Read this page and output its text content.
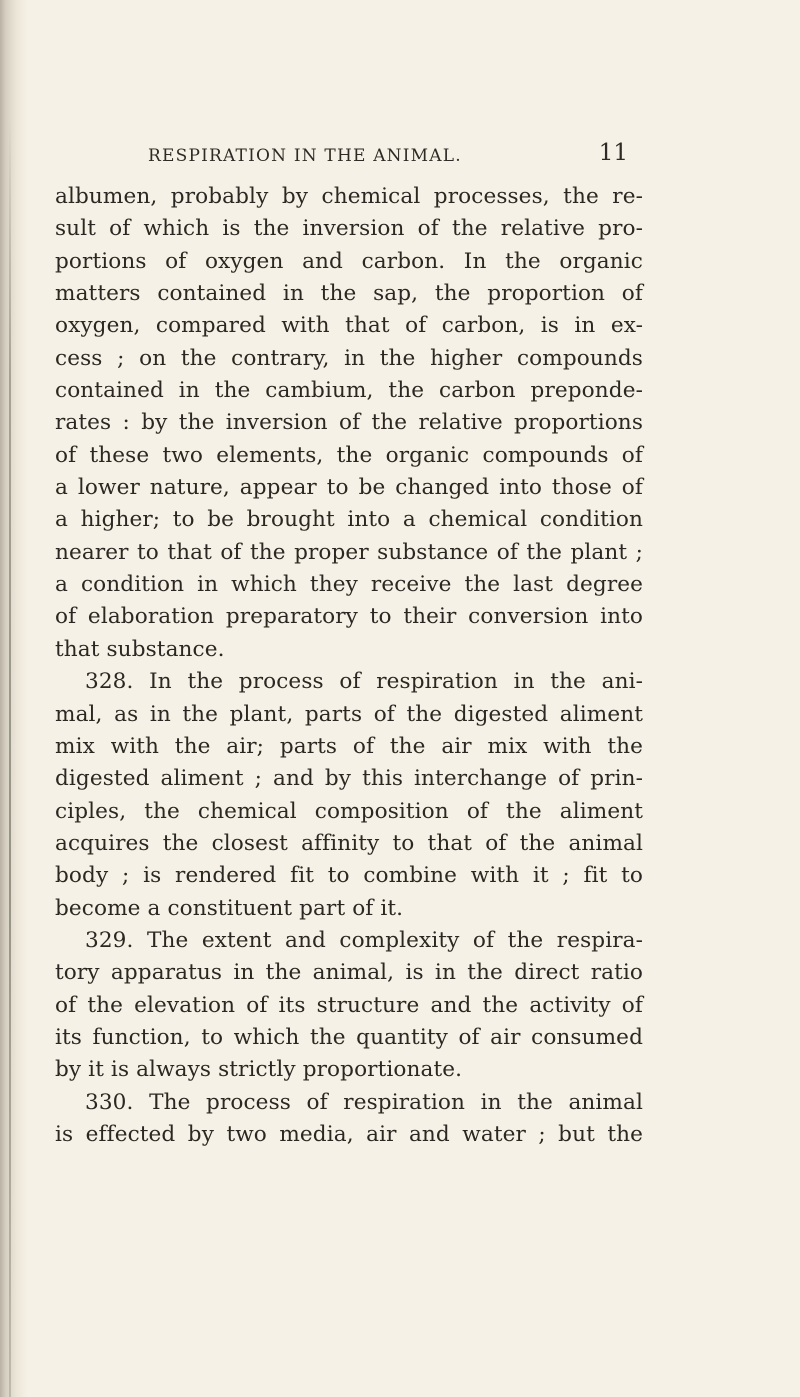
RESPIRATION IN THE ANIMAL.	11
albumen, probably by chemical processes, the re-
sult of which is the inversion of the relative pro-
portions of oxygen and carbon. In the organic
matters contained in the sap, the proportion of
oxygen, compared with that of carbon, is in ex-
cess ; on the contrary, in the higher compounds
contained in the cambium, the carbon preponde-
rates : by the inversion of the relative proportions
of these two elements, the organic compounds of
a lower nature, appear to be changed into those of
a higher; to be brought into a chemical condition
nearer to that of the proper substance of the plant ;
a condition in which they receive the last degree
of elaboration preparatory to their conversion into
that substance.
328. In the process of respiration in the ani-
mal, as in the plant, parts of the digested aliment
mix with the air; parts of the air mix with the
digested aliment ; and by this interchange of prin-
ciples, the chemical composition of the aliment
acquires the closest affinity to that of the animal
body ; is rendered fit to combine with it ; fit to
become a constituent part of it.
329. The extent and complexity of the respira-
tory apparatus in the animal, is in the direct ratio
of the elevation of its structure and the activity of
its function, to which the quantity of air consumed
by it is always strictly proportionate.
330. The process of respiration in the animal
is effected by two media, air and water ; but the
